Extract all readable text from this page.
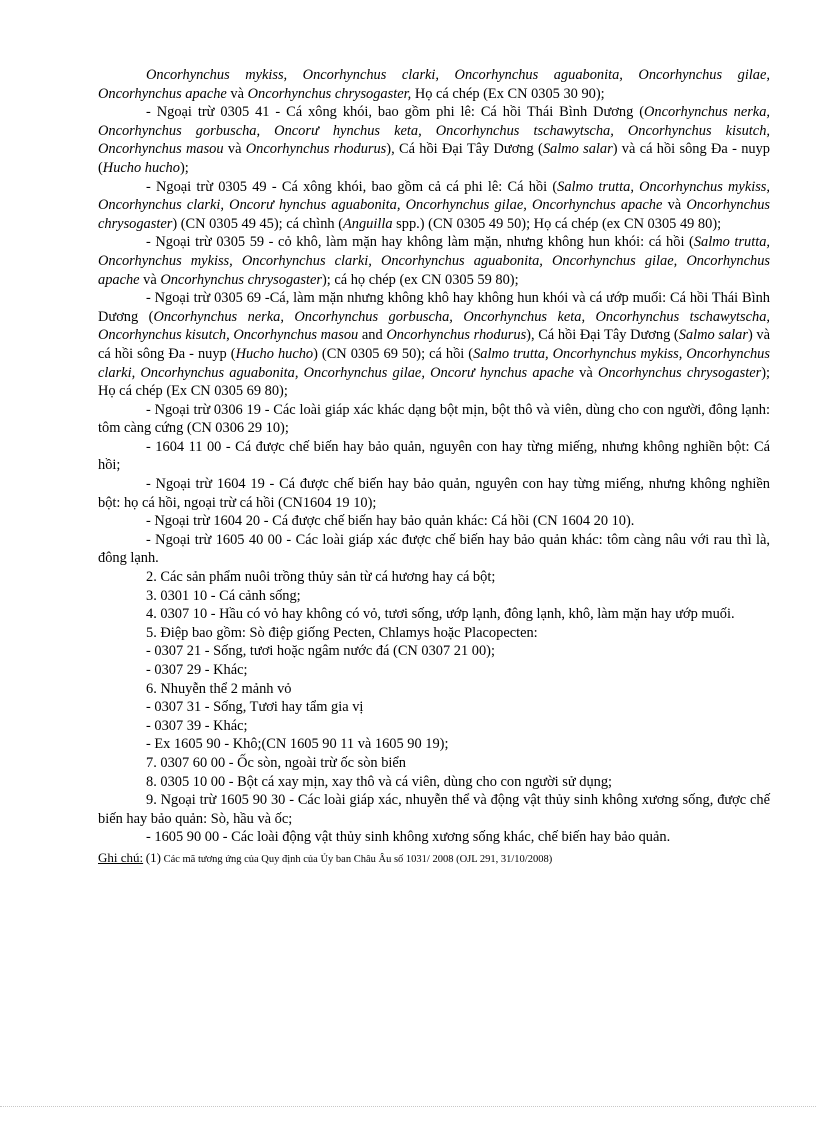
Oncorhynchus mykiss, Oncorhynchus clarki, Oncorhynchus aguabonita, Oncorhynchus gilae, Oncorhynchus apache và Oncorhynchus chrysogaster, Họ cá chép (Ex CN 0305 30 90);

- Ngoại trừ 0305 41 - Cá xông khói, bao gồm phi lê: Cá hồi Thái Bình Dương (Oncorhynchus nerka, Oncorhynchus gorbuscha, Oncorư hynchus keta, Oncorhynchus tschawytscha, Oncorhynchus kisutch, Oncorhynchus masou và Oncorhynchus rhodurus), Cá hồi Đại Tây Dương (Salmo salar) và cá hồi sông Đa - nuyp (Hucho hucho);

- Ngoại trừ 0305 49 - Cá xông khói, bao gồm cả cá phi lê: Cá hồi (Salmo trutta, Oncorhynchus mykiss, Oncorhynchus clarki, Oncorư hynchus aguabonita, Oncorhynchus gilae, Oncorhynchus apache và Oncorhynchus chrysogaster) (CN 0305 49 45); cá chình (Anguilla spp.) (CN 0305 49 50); Họ cá chép (ex CN 0305 49 80);

- Ngoại trừ 0305 59 - cỏ khô, làm mặn hay không làm mặn, nhưng không hun khói: cá hồi (Salmo trutta, Oncorhynchus mykiss, Oncorhynchus clarki, Oncorhynchus aguabonita, Oncorhynchus gilae, Oncorhynchus apache và Oncorhynchus chrysogaster); cá họ chép (ex CN 0305 59 80);

- Ngoại trừ 0305 69 -Cá, làm mặn nhưng không khô hay không hun khói và cá ướp muối: Cá hồi Thái Bình Dương (Oncorhynchus nerka, Oncorhynchus gorbuscha, Oncorhynchus keta, Oncorhynchus tschawytscha, Oncorhynchus kisutch, Oncorhynchus masou and Oncorhynchus rhodurus), Cá hồi Đại Tây Dương (Salmo salar) và cá hồi sông Đa - nuyp (Hucho hucho) (CN 0305 69 50); cá hồi (Salmo trutta, Oncorhynchus mykiss, Oncorhynchus clarki, Oncorhynchus aguabonita, Oncorhynchus gilae, Oncorư hynchus apache và Oncorhynchus chrysogaster); Họ cá chép (Ex CN 0305 69 80);

- Ngoại trừ 0306 19 - Các loài giáp xác khác dạng bột mịn, bột thô và viên, dùng cho con người, đông lạnh: tôm càng cứng (CN 0306 29 10);

- 1604 11 00 - Cá được chế biến hay bảo quản, nguyên con hay từng miếng, nhưng không nghiền bột: Cá hồi;

- Ngoại trừ 1604 19 - Cá được chế biến hay bảo quản, nguyên con hay từng miếng, nhưng không nghiền bột: họ cá hồi, ngoại trừ cá hồi (CN1604 19 10);

- Ngoại trừ 1604 20 - Cá được chế biến hay bảo quản khác: Cá hồi (CN 1604 20 10).

- Ngoại trừ 1605 40 00 - Các loài giáp xác được chế biến hay bảo quản khác: tôm càng nâu với rau thì là, đông lạnh.

2. Các sản phẩm nuôi trồng thủy sản từ cá hương hay cá bột;

3. 0301 10 - Cá cảnh sống;

4. 0307 10 - Hầu có vỏ hay không có vỏ, tươi sống, ướp lạnh, đông lạnh, khô, làm mặn hay ướp muối.

5. Điệp bao gồm: Sò điệp giống Pecten, Chlamys hoặc Placopecten:

- 0307 21 - Sống, tươi hoặc ngâm nước đá (CN 0307 21 00);

- 0307 29 - Khác;

6. Nhuyễn thể 2 mảnh vỏ

- 0307 31 - Sống, Tươi hay tẩm gia vị

- 0307 39 - Khác;

- Ex 1605 90 - Khô;(CN 1605 90 11 và 1605 90 19);

7. 0307 60 00 - Ốc sòn, ngoài trừ ốc sòn biển

8. 0305 10 00 - Bột cá xay mịn, xay thô và cá viên, dùng cho con người sử dụng;

9. Ngoại trừ 1605 90 30 - Các loài giáp xác, nhuyễn thể và động vật thủy sinh không xương sống, được chế biến hay bảo quản: Sò, hầu và ốc;

- 1605 90 00 - Các loài động vật thủy sinh không xương sống khác, chế biến hay bảo quản.

Ghi chú: (1) Các mã tương ứng của Quy định của Ủy ban Châu Âu số 1031/ 2008 (OJL 291, 31/10/2008)
